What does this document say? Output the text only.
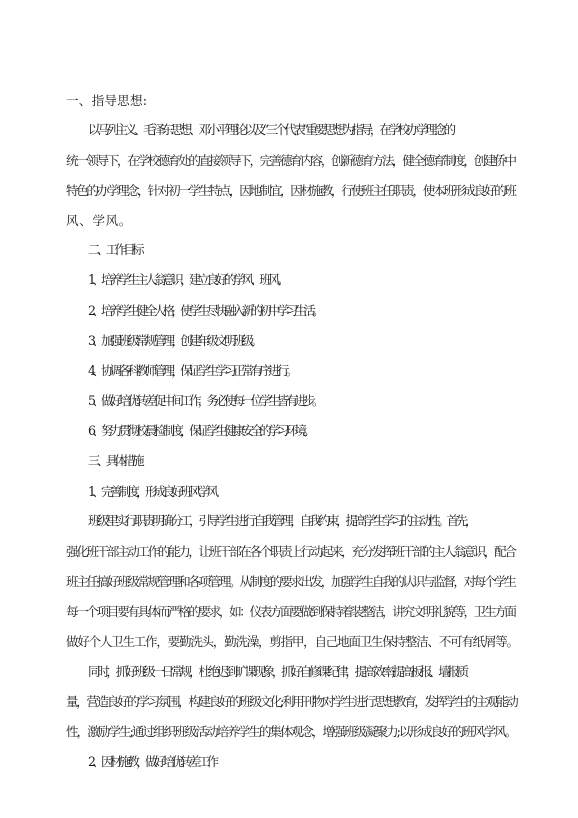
一、指导思想:
以马列主义、毛泽东思想、邓小平理论以及“三个代表”重要思想为指导，在学校办学理念的
统一领导下，在学校德育处的直接领导下，完善德育内容，创新德育方法，健全德育制度，创建侨中
特色的办学理念，针对初一学生特点，因地制宜，因材施教，行使班主任职责，使本班形成良好的班
风、学风。
二、工作目标
1、培养学生主人翁意识，建立良好的学风、班风。
2、培养学生健全人格，使学生尽快融入新的初中学习生活。
3、加强班级常规管理，创建年级文明班级。
4、协调各科教师管理，保证学生学习正常有序进行。
5、做好培优转差促中间工作，务必使每一位学生皆有进步。
6、努力贯彻校晨检制度，保证学生健康安全的学习环境。
三、具体措施
1、完善制度，形成良好班风学风
班级里实行职责明确分工，引导学生进行自我管理，自我约束，提高学生学习的主动性。首先，
强化班干部主动工作的能力，让班干部在各个职责上行动起来，充分发挥班干部的主人翁意识，配合
班主任搞好班级常规管理和各项管理。从制度的要求出发，加强学生自我的认识与监督，对每个学生
每一个项目要有具体而严格的要求，如：仪表方面要做到保持着装整洁，讲究文明礼貌等，卫生方面
做好个人卫生工作，要勤洗头，勤洗澡，剪指甲，自己地面卫生保持整洁、不可有纸屑等。
同时，抓好班级一日常规，杜绝迟到旷课现象，抓好自修课纪律，提高效率;提高板报、墙报质
量，营造良好的学习氛围，构建良好的班级文化;利用刊物对学生进行思想教育，发挥学生的主观能动
性，激励学生;通过组织班级活动培养学生的集体观念，增强班级凝聚力;以形成良好的班风学风。
2、因材施教，做好培优转差工作
